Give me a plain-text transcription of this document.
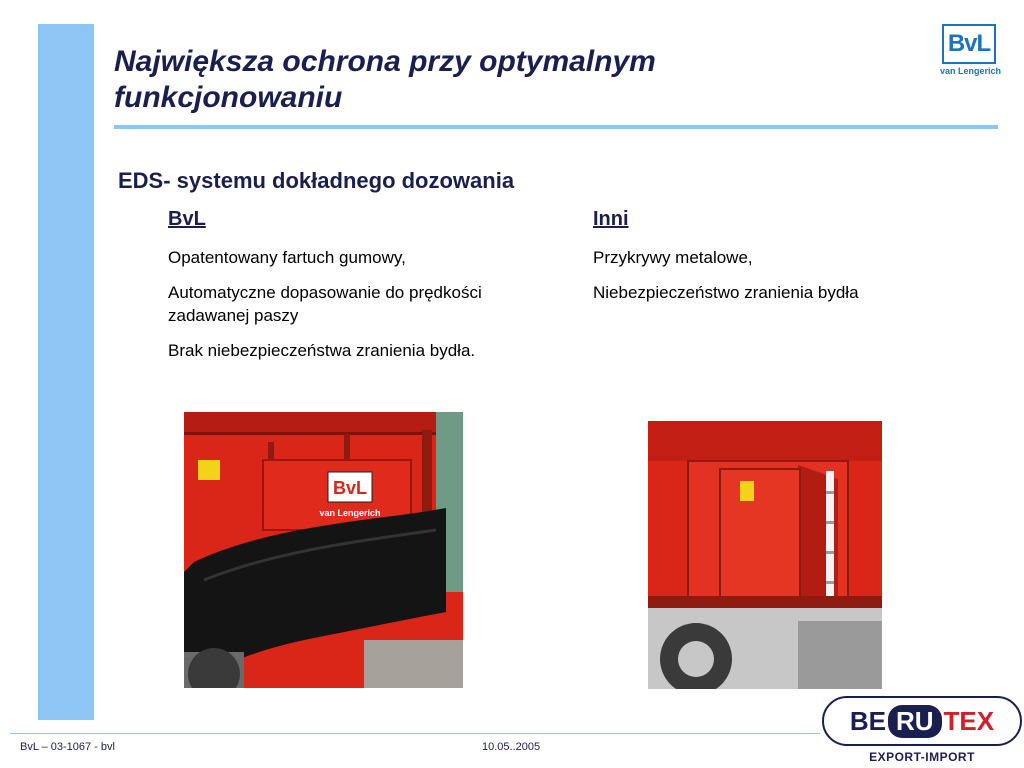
Największa ochrona przy optymalnym
funkcjonowaniu
BvL
van Lengerich
EDS- systemu dokładnego dozowania
BvL
Opatentowany fartuch gumowy,
Automatyczne dopasowanie do prędkości zadawanej paszy
Brak niebezpieczeństwa zranienia bydła.
Inni
Przykrywy metalowe,
Niebezpieczeństwo zranienia bydła
BvL
van Lengerich
BvL – 03-1067 - bvl	10.05..2005
BE RU TEX
EXPORT-IMPORT
